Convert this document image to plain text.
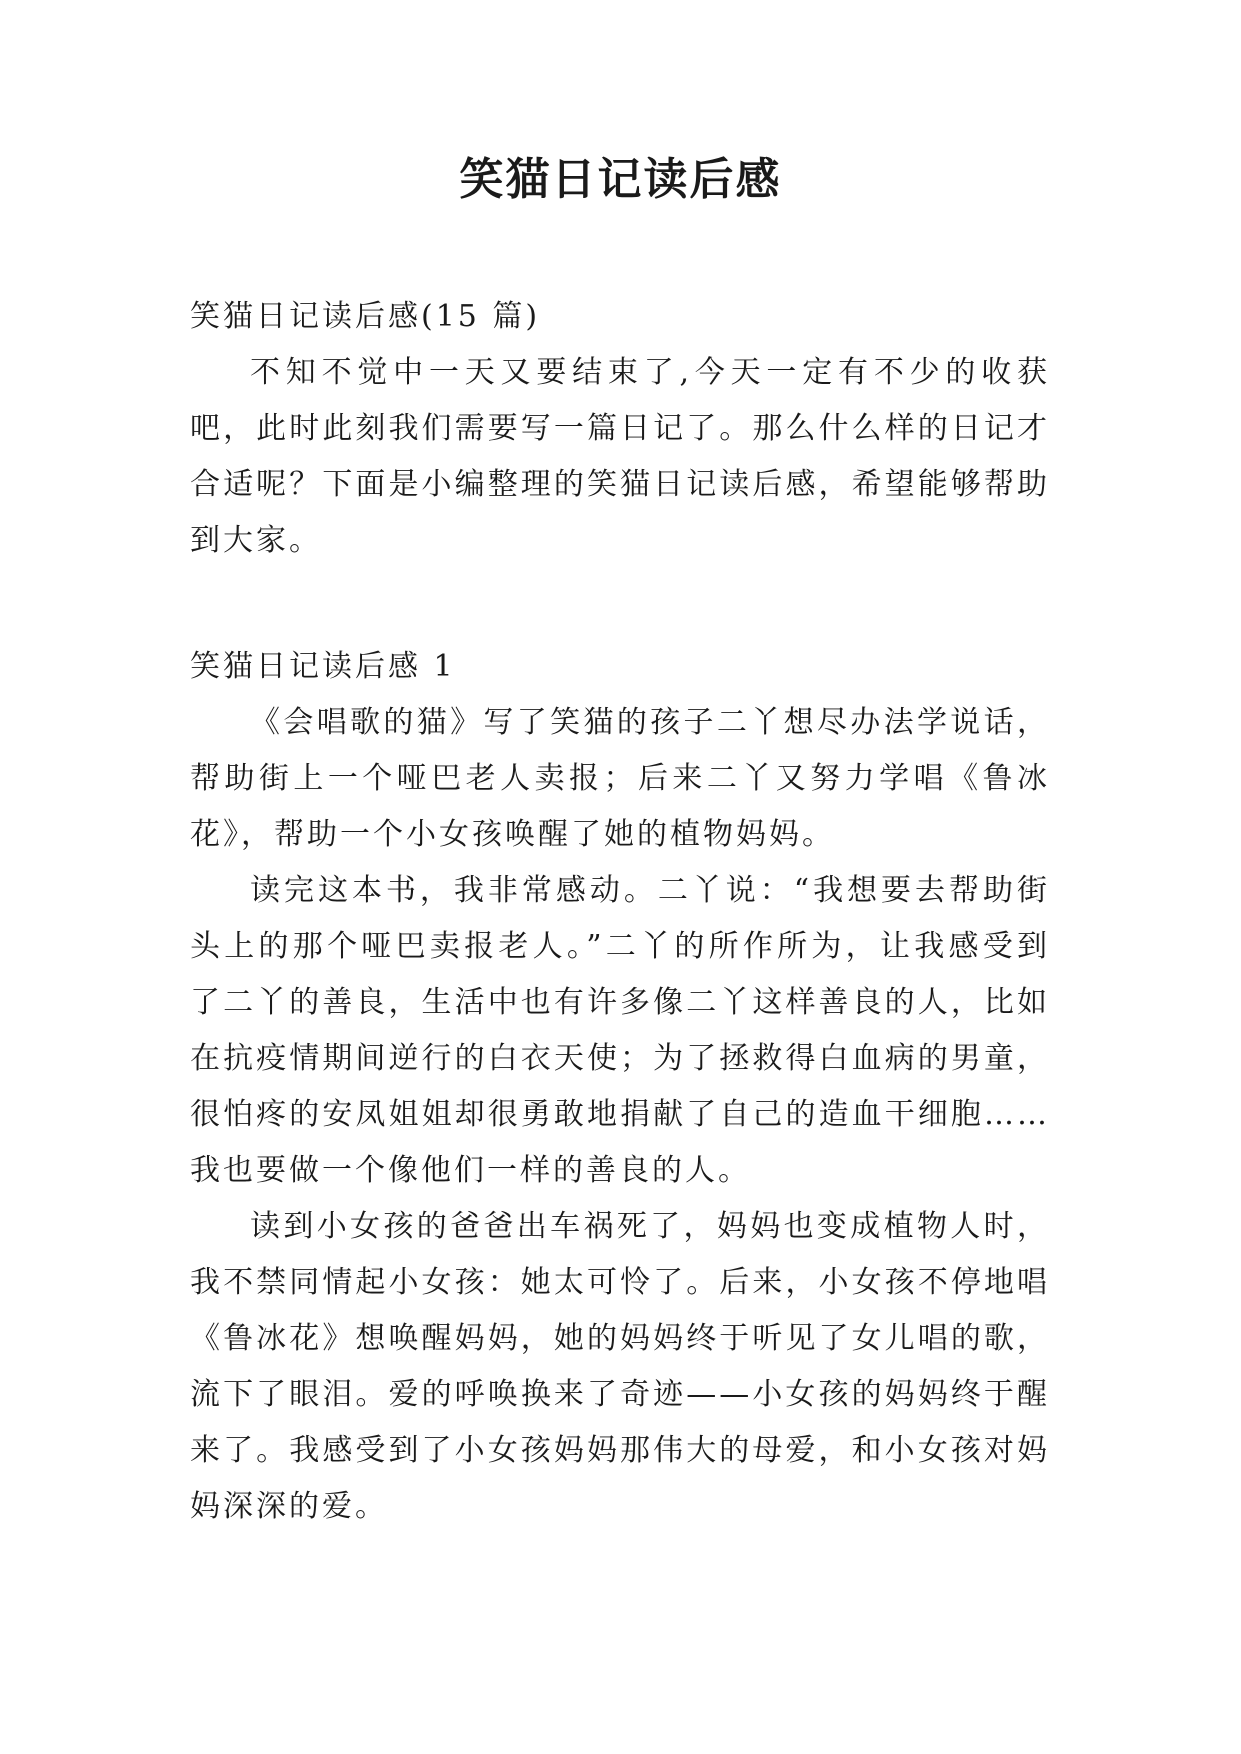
笑猫日记读后感
笑猫日记读后感(15 篇)

不知不觉中一天又要结束了,今天一定有不少的收获吧，此时此刻我们需要写一篇日记了。那么什么样的日记才合适呢？下面是小编整理的笑猫日记读后感，希望能够帮助到大家。

笑猫日记读后感 1

《会唱歌的猫》写了笑猫的孩子二丫想尽办法学说话，帮助街上一个哑巴老人卖报；后来二丫又努力学唱《鲁冰花》，帮助一个小女孩唤醒了她的植物妈妈。

读完这本书，我非常感动。二丫说：“我想要去帮助街头上的那个哑巴卖报老人。”二丫的所作所为，让我感受到了二丫的善良，生活中也有许多像二丫这样善良的人，比如在抗疫情期间逆行的白衣天使；为了拯救得白血病的男童，很怕疼的安凤姐姐却很勇敢地捐献了自己的造血干细胞……我也要做一个像他们一样的善良的人。

读到小女孩的爸爸出车祸死了，妈妈也变成植物人时，我不禁同情起小女孩：她太可怜了。后来，小女孩不停地唱《鲁冰花》想唤醒妈妈，她的妈妈终于听见了女儿唱的歌，流下了眼泪。爱的呼唤换来了奇迹——小女孩的妈妈终于醒来了。我感受到了小女孩妈妈那伟大的母爱，和小女孩对妈妈深深的爱。
